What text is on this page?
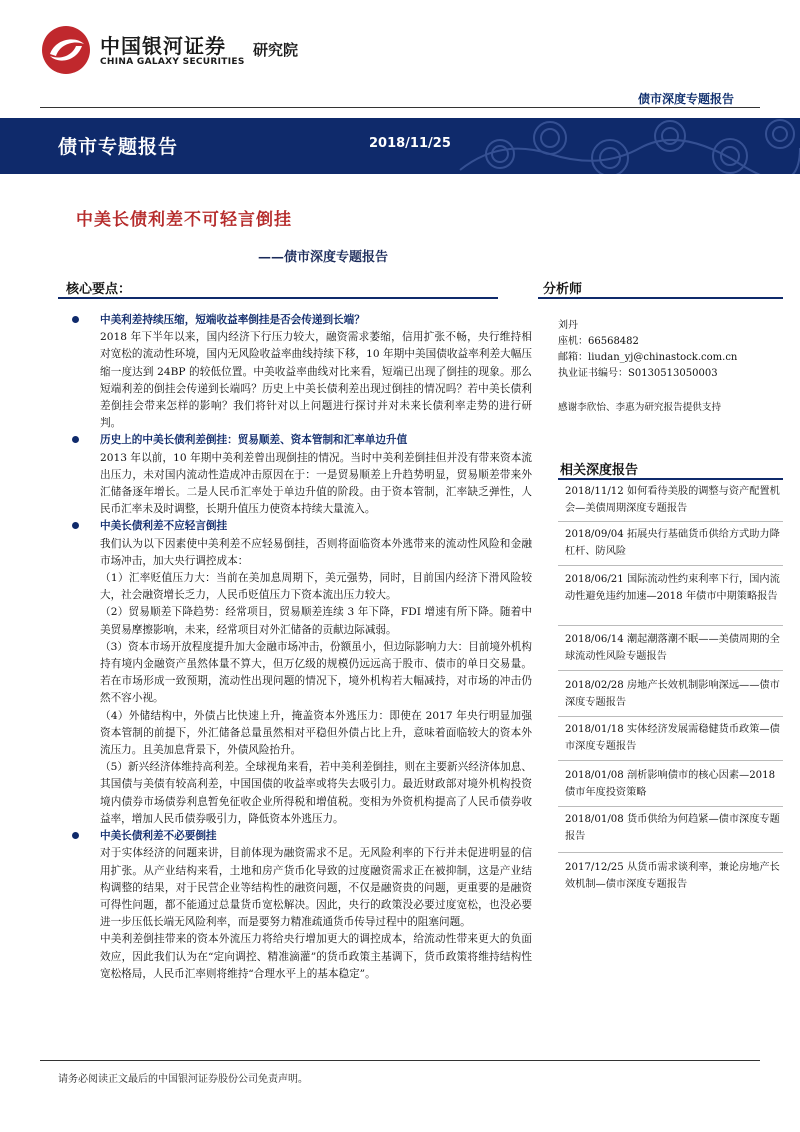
中国银河证券
CHINA GALAXY SECURITIES
研究院
债市深度专题报告
债市专题报告	2018/11/25
中美长债利差不可轻言倒挂
——债市深度专题报告
核心要点：	分析师

中美利差持续压缩，短端收益率倒挂是否会传递到长端？

2018 年下半年以来，国内经济下行压力较大，融资需求萎缩，信用扩张不畅，央行维持相对宽松的流动性环境，国内无风险收益率曲线持续下移，10 年期中美国债收益率利差大幅压缩一度达到 24BP 的较低位置。中美收益率曲线对比来看，短端已出现了倒挂的现象。那么短端利差的倒挂会传递到长端吗？历史上中美长债利差出现过倒挂的情况吗？若中美长债利差倒挂会带来怎样的影响？我们将针对以上问题进行探讨并对未来长债利率走势的进行研判。

历史上的中美长债利差倒挂：贸易顺差、资本管制和汇率单边升值

2013 年以前，10 年期中美利差曾出现倒挂的情况。当时中美利差倒挂但并没有带来资本流出压力，未对国内流动性造成冲击原因在于：一是贸易顺差上升趋势明显，贸易顺差带来外汇储备逐年增长。二是人民币汇率处于单边升值的阶段。由于资本管制，汇率缺乏弹性，人民币汇率未及时调整，长期升值压力使资本持续大量流入。

中美长债利差不应轻言倒挂

我们认为以下因素使中美利差不应轻易倒挂，否则将面临资本外逃带来的流动性风险和金融市场冲击，加大央行调控成本：

（1）汇率贬值压力大：当前在美加息周期下，美元强势，同时，目前国内经济下滑风险较大，社会融资增长乏力，人民币贬值压力下资本流出压力较大。

（2）贸易顺差下降趋势：经常项目，贸易顺差连续 3 年下降，FDI 增速有所下降。随着中美贸易摩擦影响，未来，经常项目对外汇储备的贡献边际减弱。

（3）资本市场开放程度提升加大金融市场冲击，份额虽小，但边际影响力大：目前境外机构持有境内金融资产虽然体量不算大，但万亿级的规模仍远远高于股市、债市的单日交易量。若在市场形成一致预期，流动性出现问题的情况下，境外机构若大幅减持，对市场的冲击仍然不容小视。

（4）外储结构中，外债占比快速上升，掩盖资本外逃压力：即使在 2017 年央行明显加强资本管制的前提下，外汇储备总量虽然相对平稳但外债占比上升，意味着面临较大的资本外流压力。且美加息背景下，外债风险抬升。

（5）新兴经济体维持高利差。全球视角来看，若中美利差倒挂，则在主要新兴经济体加息、其国债与美债有较高利差，中国国债的收益率或将失去吸引力。最近财政部对境外机构投资境内债券市场债券利息暂免征收企业所得税和增值税。变相为外资机构提高了人民币债券收益率，增加人民币债券吸引力，降低资本外逃压力。

中美长债利差不必要倒挂

对于实体经济的问题来讲，目前体现为融资需求不足。无风险利率的下行并未促进明显的信用扩张。从产业结构来看，土地和房产货币化导致的过度融资需求正在被抑制，这是产业结构调整的结果，对于民营企业等结构性的融资问题，不仅是融资贵的问题，更重要的是融资可得性问题，都不能通过总量货币宽松解决。因此，央行的政策没必要过度宽松，也没必要进一步压低长端无风险利率，而是要努力精准疏通货币传导过程中的阻塞问题。

中美利差倒挂带来的资本外流压力将给央行增加更大的调控成本，给流动性带来更大的负面效应，因此我们认为在“定向调控、精准滴灌”的货币政策主基调下，货币政策将维持结构性宽松格局，人民币汇率则将维持“合理水平上的基本稳定”。

刘丹

座机：66568482

邮箱：liudan_yj@chinastock.com.cn

执业证书编号：S0130513050003

感谢李欣怡、李惠为研究报告提供支持
相关深度报告
2018/11/12 如何看待美股的调整与资产配置机会—美债周期深度专题报告
2018/09/04 拓展央行基础货币供给方式助力降杠杆、防风险
2018/06/21 国际流动性约束利率下行，国内流动性避免违约加速—2018 年债市中期策略报告
2018/06/14 潮起潮落潮不眠——美债周期的全球流动性风险专题报告
2018/02/28 房地产长效机制影响深远——债市深度专题报告
2018/01/18 实体经济发展需稳健货币政策—债市深度专题报告
2018/01/08 剖析影响债市的核心因素—2018 债市年度投资策略
2018/01/08 货币供给为何趋紧—债市深度专题报告
2017/12/25 从货币需求谈利率，兼论房地产长效机制—债市深度专题报告
请务必阅读正文最后的中国银河证券股份公司免责声明。
